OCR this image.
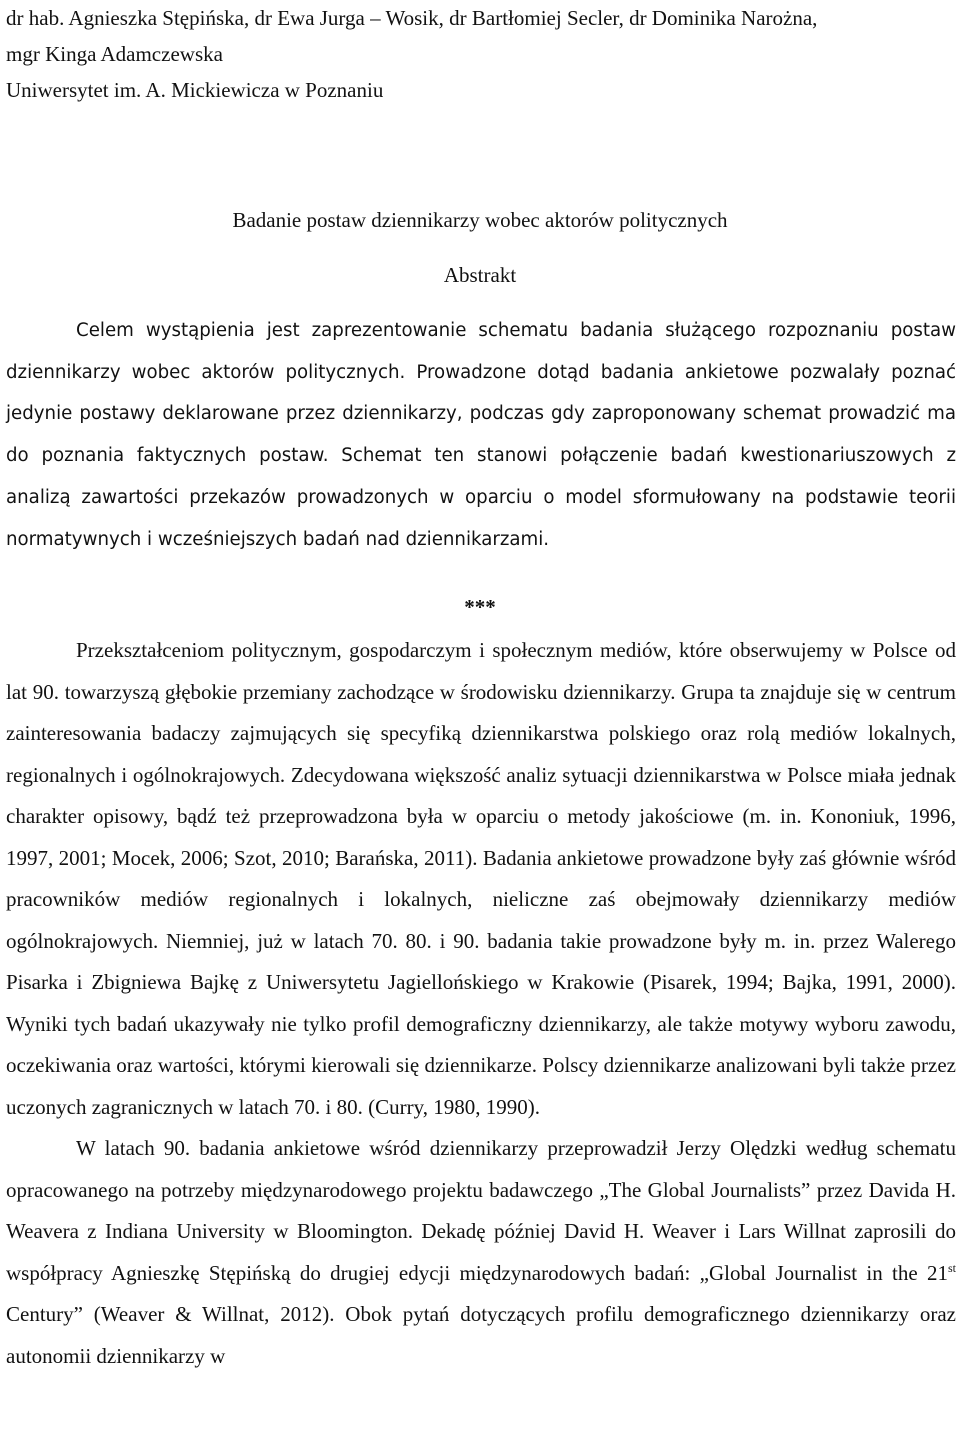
dr hab. Agnieszka Stępińska, dr Ewa Jurga – Wosik, dr Bartłomiej Secler, dr Dominika Narożna,
mgr Kinga Adamczewska
Uniwersytet im. A. Mickiewicza w Poznaniu
Badanie postaw dziennikarzy wobec aktorów politycznych
Abstrakt

Celem wystąpienia jest zaprezentowanie schematu badania służącego rozpoznaniu postaw dziennikarzy wobec aktorów politycznych. Prowadzone dotąd badania ankietowe pozwalały poznać jedynie postawy deklarowane przez dziennikarzy, podczas gdy zaproponowany schemat prowadzić ma do poznania faktycznych postaw. Schemat ten stanowi połączenie badań kwestionariuszowych z analizą zawartości przekazów prowadzonych w oparciu o model sformułowany na podstawie teorii normatywnych i wcześniejszych badań nad dziennikarzami.

***

Przekształceniom politycznym, gospodarczym i społecznym mediów, które obserwujemy w Polsce od lat 90. towarzyszą głębokie przemiany zachodzące w środowisku dziennikarzy. Grupa ta znajduje się w centrum zainteresowania badaczy zajmujących się specyfiką dziennikarstwa polskiego oraz rolą mediów lokalnych, regionalnych i ogólnokrajowych. Zdecydowana większość analiz sytuacji dziennikarstwa w Polsce miała jednak charakter opisowy, bądź też przeprowadzona była w oparciu o metody jakościowe (m. in. Kononiuk, 1996, 1997, 2001; Mocek, 2006; Szot, 2010; Barańska, 2011). Badania ankietowe prowadzone były zaś głównie wśród pracowników mediów regionalnych i lokalnych, nieliczne zaś obejmowały dziennikarzy mediów ogólnokrajowych. Niemniej, już w latach 70. 80. i 90. badania takie prowadzone były m. in. przez Walerego Pisarka i Zbigniewa Bajkę z Uniwersytetu Jagiellońskiego w Krakowie (Pisarek, 1994; Bajka, 1991, 2000). Wyniki tych badań ukazywały nie tylko profil demograficzny dziennikarzy, ale także motywy wyboru zawodu, oczekiwania oraz wartości, którymi kierowali się dziennikarze. Polscy dziennikarze analizowani byli także przez uczonych zagranicznych w latach 70. i 80. (Curry, 1980, 1990).

W latach 90. badania ankietowe wśród dziennikarzy przeprowadził Jerzy Olędzki według schematu opracowanego na potrzeby międzynarodowego projektu badawczego „The Global Journalists” przez Davida H. Weavera z Indiana University w Bloomington. Dekadę później David H. Weaver i Lars Willnat zaprosili do współpracy Agnieszkę Stępińską do drugiej edycji międzynarodowych badań: „Global Journalist in the 21st Century” (Weaver & Willnat, 2012). Obok pytań dotyczących profilu demograficznego dziennikarzy oraz autonomii dziennikarzy w
